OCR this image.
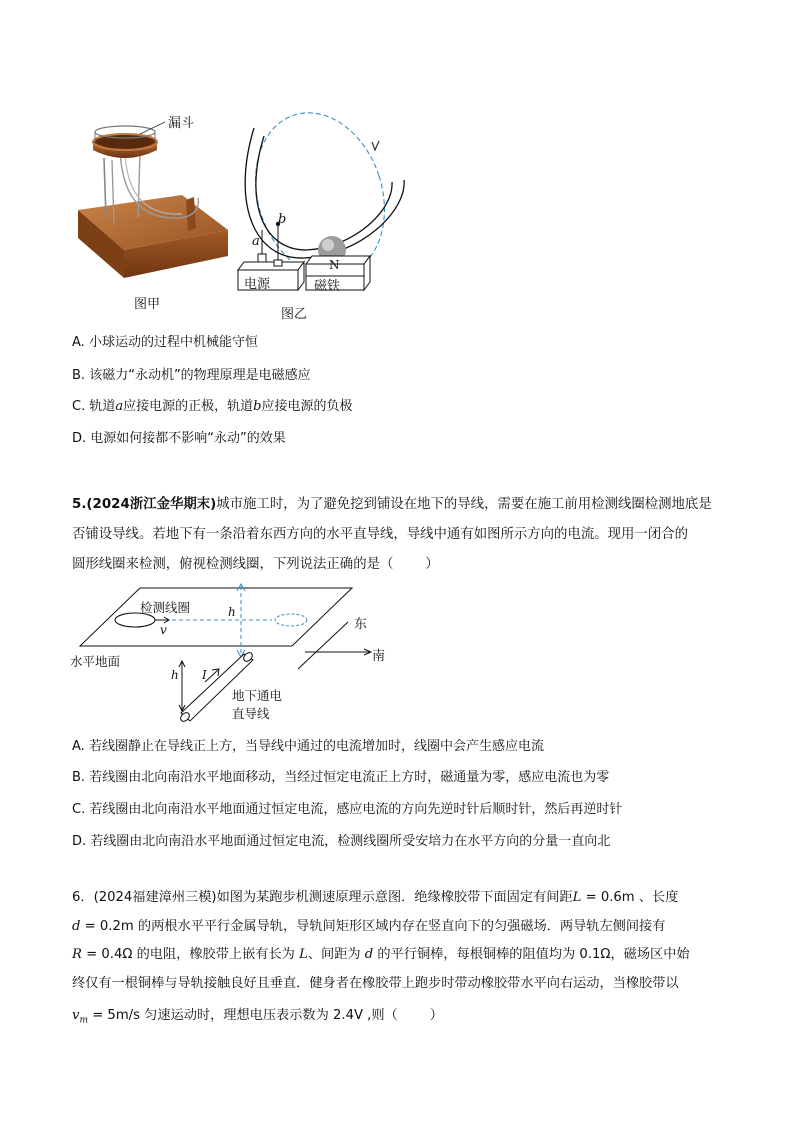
漏斗
图甲
a
b
电源
N
磁铁
图乙
A. 小球运动的过程中机械能守恒
B. 该磁力“永动机”的物理原理是电磁感应
C. 轨道a应接电源的正极，轨道b应接电源的负极
D. 电源如何接都不影响“永动”的效果
5.(2024浙江金华期末)城市施工时，为了避免挖到铺设在地下的导线，需要在施工前用检测线圈检测地底是
否铺设导线。若地下有一条沿着东西方向的水平直导线，导线中通有如图所示方向的电流。现用一闭合的
圆形线圈来检测，俯视检测线圈，下列说法正确的是（ ）
检测线圈
v
h
h
水平地面
I
地下通电
直导线
东
南
A. 若线圈静止在导线正上方，当导线中通过的电流增加时，线圈中会产生感应电流
B. 若线圈由北向南沿水平地面移动，当经过恒定电流正上方时，磁通量为零，感应电流也为零
C. 若线圈由北向南沿水平地面通过恒定电流，感应电流的方向先逆时针后顺时针，然后再逆时针
D. 若线圈由北向南沿水平地面通过恒定电流，检测线圈所受安培力在水平方向的分量一直向北
6．(2024福建漳州三模)如图为某跑步机测速原理示意图．绝缘橡胶带下面固定有间距L = 0.6m 、长度
d = 0.2m 的两根水平平行金属导轨，导轨间矩形区域内存在竖直向下的匀强磁场．两导轨左侧间接有
R = 0.4Ω 的电阻，橡胶带上嵌有长为 L、间距为 d 的平行铜棒，每根铜棒的阻值均为 0.1Ω，磁场区中始
终仅有一根铜棒与导轨接触良好且垂直．健身者在橡胶带上跑步时带动橡胶带水平向右运动，当橡胶带以
$v_m = 5m/s$ 匀速运动时，理想电压表示数为 2.4V ,则（ ）
